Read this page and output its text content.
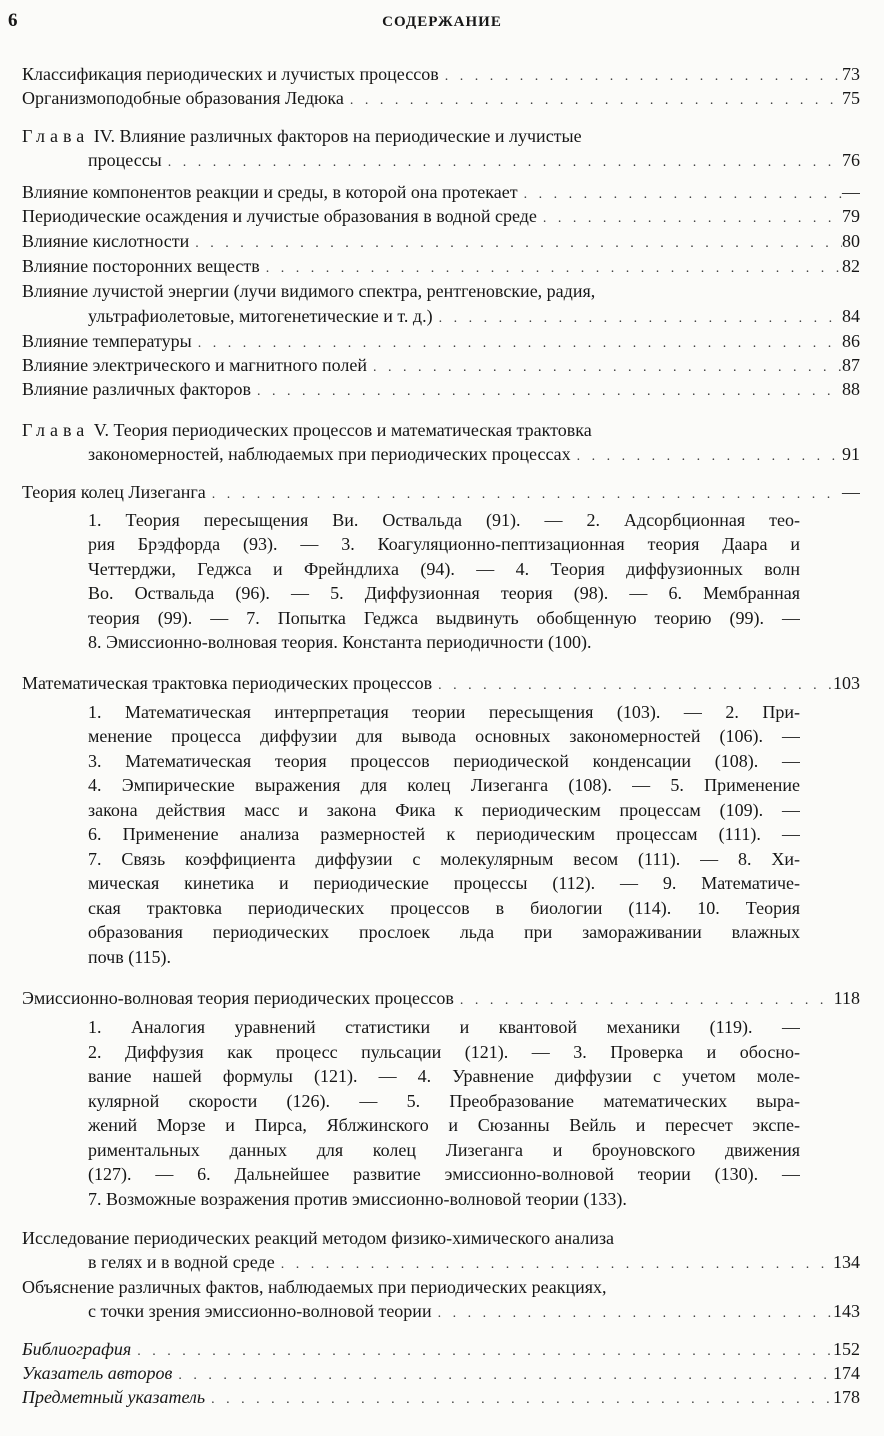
6	СОДЕРЖАНИЕ
Классификация периодических и лучистых процессов . . .	73
Организмоподобные образования Ледюка . . .	75
Глава IV. Влияние различных факторов на периодические и лучистые
процессы . . .	76
Влияние компонентов реакции и среды, в которой она протекает . . .	—
Периодические осаждения и лучистые образования в водной среде . . .	79
Влияние кислотности . . .	80
Влияние посторонних веществ . . .	82
Влияние лучистой энергии (лучи видимого спектра, рентгеновские, радия,
ультрафиолетовые, митогенетические и т. д.) . . .	84
Влияние температуры . . .	86
Влияние электрического и магнитного полей . . .	87
Влияние различных факторов . . .	88
Глава V. Теория периодических процессов и математическая трактовка
закономерностей, наблюдаемых при периодических процессах . . .	91
Теория колец Лизеганга . . .	—
1. Теория пересыщения Ви. Оствальда (91). — 2. Адсорбционная тео-
рия Брэдфорда (93). — 3. Коагуляционно-пептизационная теория Даара и
Четтерджи, Геджса и Фрейндлиха (94). — 4. Теория диффузионных волн
Во. Оствальда (96). — 5. Диффузионная теория (98). — 6. Мембранная
теория (99). — 7. Попытка Геджса выдвинуть обобщенную теорию (99). —
8. Эмиссионно-волновая теория. Константа периодичности (100).
Математическая трактовка периодических процессов . . .	103
1. Математическая интерпретация теории пересыщения (103). — 2. При-
менение процесса диффузии для вывода основных закономерностей (106). —
3. Математическая теория процессов периодической конденсации (108). —
4. Эмпирические выражения для колец Лизеганга (108). — 5. Применение
закона действия масс и закона Фика к периодическим процессам (109). —
6. Применение анализа размерностей к периодическим процессам (111). —
7. Связь коэффициента диффузии с молекулярным весом (111). — 8. Хи-
мическая кинетика и периодические процессы (112). — 9. Математиче-
ская трактовка периодических процессов в биологии (114). 10. Теория
образования периодических прослоек льда при замораживании влажных
почв (115).
Эмиссионно-волновая теория периодических процессов . . .	118
1. Аналогия уравнений статистики и квантовой механики (119). —
2. Диффузия как процесс пульсации (121). — 3. Проверка и обосно-
вание нашей формулы (121). — 4. Уравнение диффузии с учетом моле-
кулярной скорости (126). — 5. Преобразование математических выра-
жений Морзе и Пирса, Яблжинского и Сюзанны Вейль и пересчет экспе-
риментальных данных для колец Лизеганга и броуновского движения
(127). — 6. Дальнейшее развитие эмиссионно-волновой теории (130). —
7. Возможные возражения против эмиссионно-волновой теории (133).
Исследование периодических реакций методом физико-химического анализа
в гелях и в водной среде . . .	134
Объяснение различных фактов, наблюдаемых при периодических реакциях,
с точки зрения эмиссионно-волновой теории . . .	143
Библиография . . .	152
Указатель авторов . . .	174
Предметный указатель . . .	178
